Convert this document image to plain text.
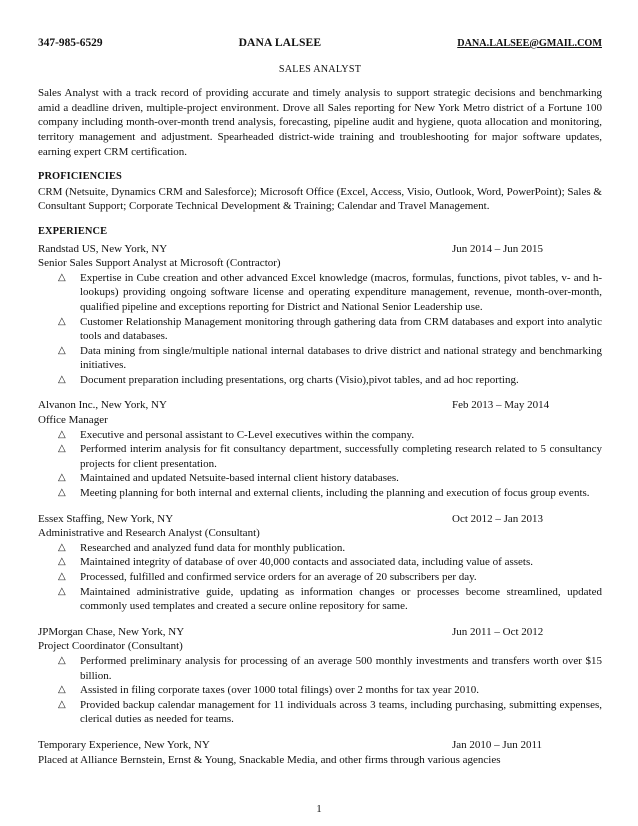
347-985-6529	DANA LALSEE	DANA.LALSEE@GMAIL.COM
SALES ANALYST
Sales Analyst with a track record of providing accurate and timely analysis to support strategic decisions and benchmarking amid a deadline driven, multiple-project environment. Drove all Sales reporting for New York Metro district of a Fortune 100 company including month-over-month trend analysis, forecasting, pipeline audit and hygiene, quota allocation and monitoring, territory management and adjustment. Spearheaded district-wide training and troubleshooting for major software updates, earning expert CRM certification.
PROFICIENCIES
CRM (Netsuite, Dynamics CRM and Salesforce); Microsoft Office (Excel, Access, Visio, Outlook, Word, PowerPoint); Sales & Consultant Support; Corporate Technical Development & Training; Calendar and Travel Management.
EXPERIENCE
Randstad US, New York, NY	Jun 2014 – Jun 2015
Senior Sales Support Analyst at Microsoft (Contractor)
△ Expertise in Cube creation and other advanced Excel knowledge (macros, formulas, functions, pivot tables, v- and h-lookups) providing ongoing software license and operating expenditure management, revenue, month-over-month, qualified pipeline and exceptions reporting for District and National Senior Leadership use.
△ Customer Relationship Management monitoring through gathering data from CRM databases and export into analytic tools and databases.
△ Data mining from single/multiple national internal databases to drive district and national strategy and benchmarking initiatives.
△ Document preparation including presentations, org charts (Visio),pivot tables, and ad hoc reporting.
Alvanon Inc., New York, NY	Feb 2013 – May 2014
Office Manager
△ Executive and personal assistant to C-Level executives within the company.
△ Performed interim analysis for fit consultancy department, successfully completing research related to 5 consultancy projects for client presentation.
△ Maintained and updated Netsuite-based internal client history databases.
△ Meeting planning for both internal and external clients, including the planning and execution of focus group events.
Essex Staffing, New York, NY	Oct 2012 – Jan 2013
Administrative and Research Analyst (Consultant)
△ Researched and analyzed fund data for monthly publication.
△ Maintained integrity of database of over 40,000 contacts and associated data, including value of assets.
△ Processed, fulfilled and confirmed service orders for an average of 20 subscribers per day.
△ Maintained administrative guide, updating as information changes or processes become streamlined, updated commonly used templates and created a secure online repository for same.
JPMorgan Chase, New York, NY	Jun 2011 – Oct 2012
Project Coordinator (Consultant)
△ Performed preliminary analysis for processing of an average 500 monthly investments and transfers worth over $15 billion.
△ Assisted in filing corporate taxes (over 1000 total filings) over 2 months for tax year 2010.
△ Provided backup calendar management for 11 individuals across 3 teams, including purchasing, submitting expenses, clerical duties as needed for teams.
Temporary Experience, New York, NY	Jan 2010 – Jun 2011
Placed at Alliance Bernstein, Ernst & Young, Snackable Media, and other firms through various agencies
1
